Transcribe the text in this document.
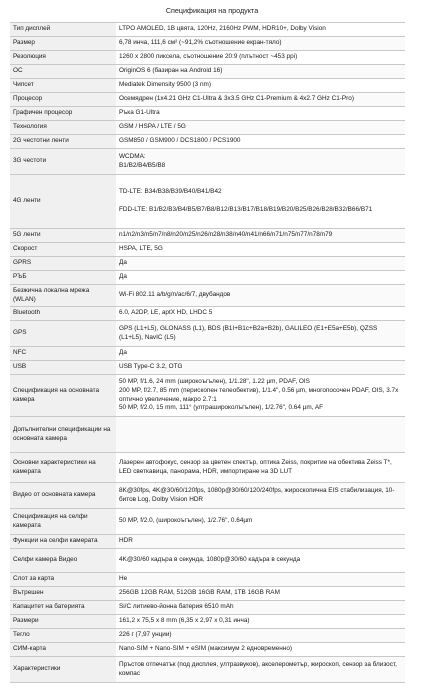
Спецификация на продукта
Тип дисплей	LTPO AMOLED, 1B цвята, 120Hz, 2160Hz PWM, HDR10+, Dolby Vision

Размер	6,78 инча, 111,6 см² (~91,2% съотношение екран-тяло)

Резолюция	1260 x 2800 пиксела, съотношение 20:9 (плътност ~453 ppi)

ОС	OriginOS 6 (базиран на Android 16)

Чипсет	Mediatek Dimensity 9500 (3 nm)

Процесор	Осемядрен (1x4.21 GHz C1-Ultra & 3x3.5 GHz C1-Premium & 4x2.7 GHz C1-Pro)

Графичен процесор	Ръка G1-Ultra

Технология	GSM / HSPA / LTE / 5G

2G честотни ленти	GSM850 / GSM900 / DCS1800 / PCS1900

3G честоти	WCDMA:
B1/B2/B4/B5/B8

4G ленти	TD-LTE: B34/B38/B39/B40/B41/B42
FDD-LTE: B1/B2/B3/B4/B5/B7/B8/B12/B13/B17/B18/B19/B20/B25/B26/B28/B32/B66/B71

5G ленти	n1/n2/n3/n5/n7/n8/n20/n25/n26/n28/n38/n40/n41/n66/n71/n75/n77/n78/n79

Скорост	HSPA, LTE, 5G

GPRS	Да

РЪБ	Да

Безжична локална мрежа (WLAN)	Wi-Fi 802.11 a/b/g/n/ac/6/7, двубандов

Bluetooth	6.0, A2DP, LE, aptX HD, LHDC 5

GPS	GPS (L1+L5), GLONASS (L1), BDS (B1I+B1c+B2a+B2b), GALILEO (E1+E5a+E5b), QZSS (L1+L5), NavIC (L5)

NFC	Да

USB	USB Type-C 3.2, OTG

Спецификация на основната камера	50 MP, f/1.6, 24 mm (широкоъгълен), 1/1.28", 1.22 µm, PDAF, OIS
200 MP, f/2.7, 85 mm (перископен телеобектив), 1/1.4", 0.56 µm, многопосочен PDAF, OIS, 3.7x оптично увеличение, макро 2.7:1
50 MP, f/2.0, 15 mm, 111° (ултрашироколъгълен), 1/2.76", 0.64 µm, AF

Допълнителни спецификации на основната камера	

Основни характеристики на камерата	Лазерен автофокус, сензор за цветен спектър, оптика Zeiss, покритие на обектива Zeiss T*, LED светкавица, панорама, HDR, импортиране на 3D LUT

Видео от основната камера	8K@30fps, 4K@30/60/120fps, 1080p@30/60/120/240fps, жироскопична EIS стабилизация, 10-битов Log, Dolby Vision HDR

Спецификация на селфи камерата	50 MP, f/2.0, (широкоъгълен), 1/2.76", 0.64µm

Функции на селфи камерата	HDR

Селфи камера Видео	4K@30/60 кадъра в секунда, 1080p@30/60 кадъра в секунда

Слот за карта	Не

Вътрешен	256GB 12GB RAM, 512GB 16GB RAM, 1TB 16GB RAM

Капацитет на батерията	Si/C литиево-йонна батерия 6510 mAh

Размери	161,2 x 75,5 x 8 mm (6,35 x 2,97 x 0,31 инча)

Тегло	226 г (7,97 унции)

СИМ-карта	Nano-SIM + Nano-SIM + eSIM (максимум 2 едновременно)

Характеристики	Пръстов отпечатък (под дисплея, ултразвуков), акселерометър, жироскоп, сензор за близост, компас
